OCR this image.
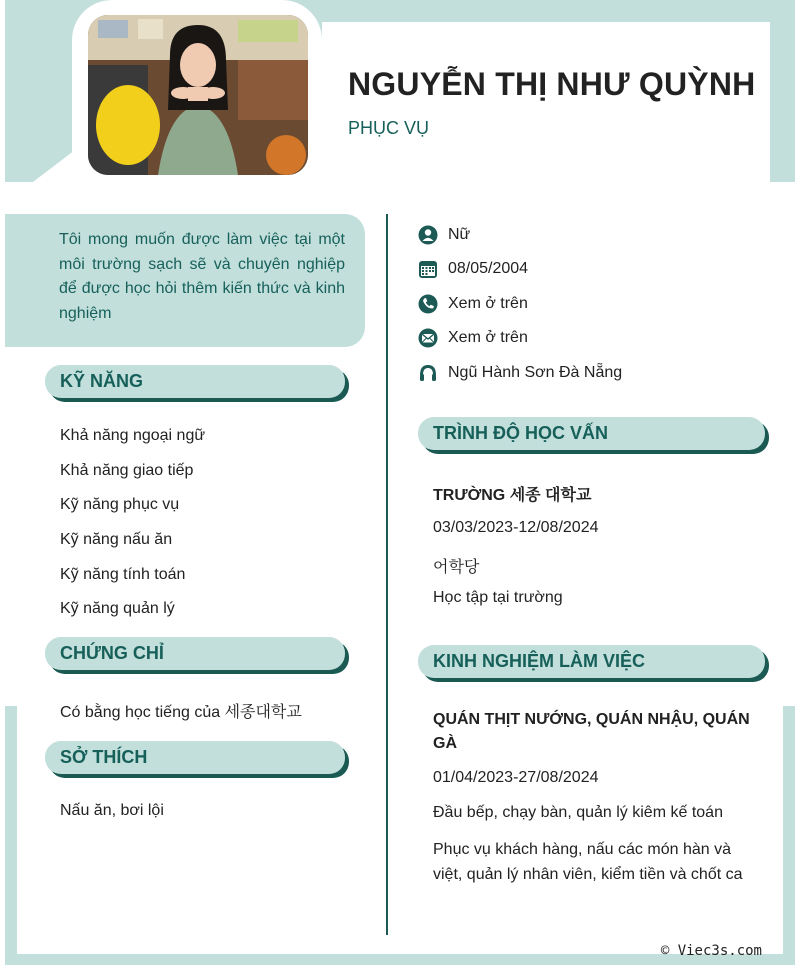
NGUYỄN THỊ NHƯ QUỲNH
PHỤC VỤ
Tôi mong muốn được làm việc tại một môi trường sạch sẽ và chuyên nghiệp để được học hỏi thêm kiến thức và kinh nghiệm
KỸ NĂNG
Khả năng ngoại ngữ
Khả năng giao tiếp
Kỹ năng phục vụ
Kỹ năng nấu ăn
Kỹ năng tính toán
Kỹ năng quản lý
CHỨNG CHỈ
Có bằng học tiếng của 세종대학교
SỞ THÍCH
Nấu ăn, bơi lội
Nữ
08/05/2004
Xem ở trên
Xem ở trên
Ngũ Hành Sơn Đà Nẵng
TRÌNH ĐỘ HỌC VẤN
TRƯỜNG 세종 대학교
03/03/2023-12/08/2024
어학당
Học tập tại trường
KINH NGHIỆM LÀM VIỆC
QUÁN THỊT NƯỚNG, QUÁN NHẬU, QUÁN GÀ
01/04/2023-27/08/2024
Đầu bếp, chạy bàn, quản lý kiêm kế toán
Phục vụ khách hàng, nấu các món hàn và việt, quản lý nhân viên, kiểm tiền và chốt ca
© Viec3s.com
